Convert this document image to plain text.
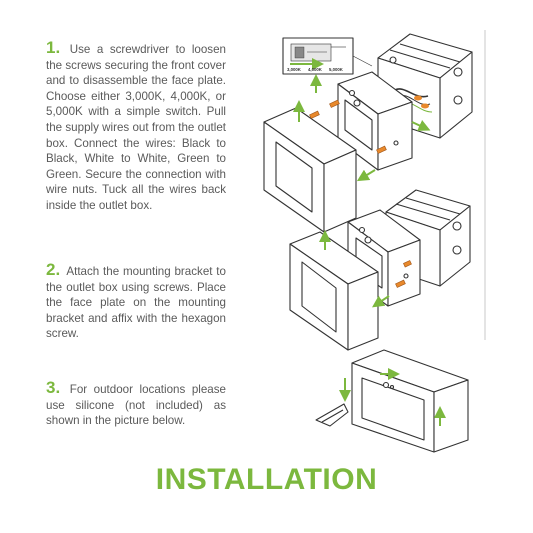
1. Use a screwdriver to loosen the screws securing the front cover and to disassemble the face plate. Choose either 3,000K, 4,000K, or 5,000K with a simple switch. Pull the supply wires out from the outlet box. Connect the wires: Black to Black, White to White, Green to Green. Secure the connection with wire nuts. Tuck all the wires back inside the outlet box.
2. Attach the mounting bracket to the outlet box using screws. Place the face plate on the mounting bracket and affix with the hexagon screw.
3. For outdoor locations please use silicone (not included) as shown in the picture below.
INSTALLATION
3,000K 4,000K 5,000K
